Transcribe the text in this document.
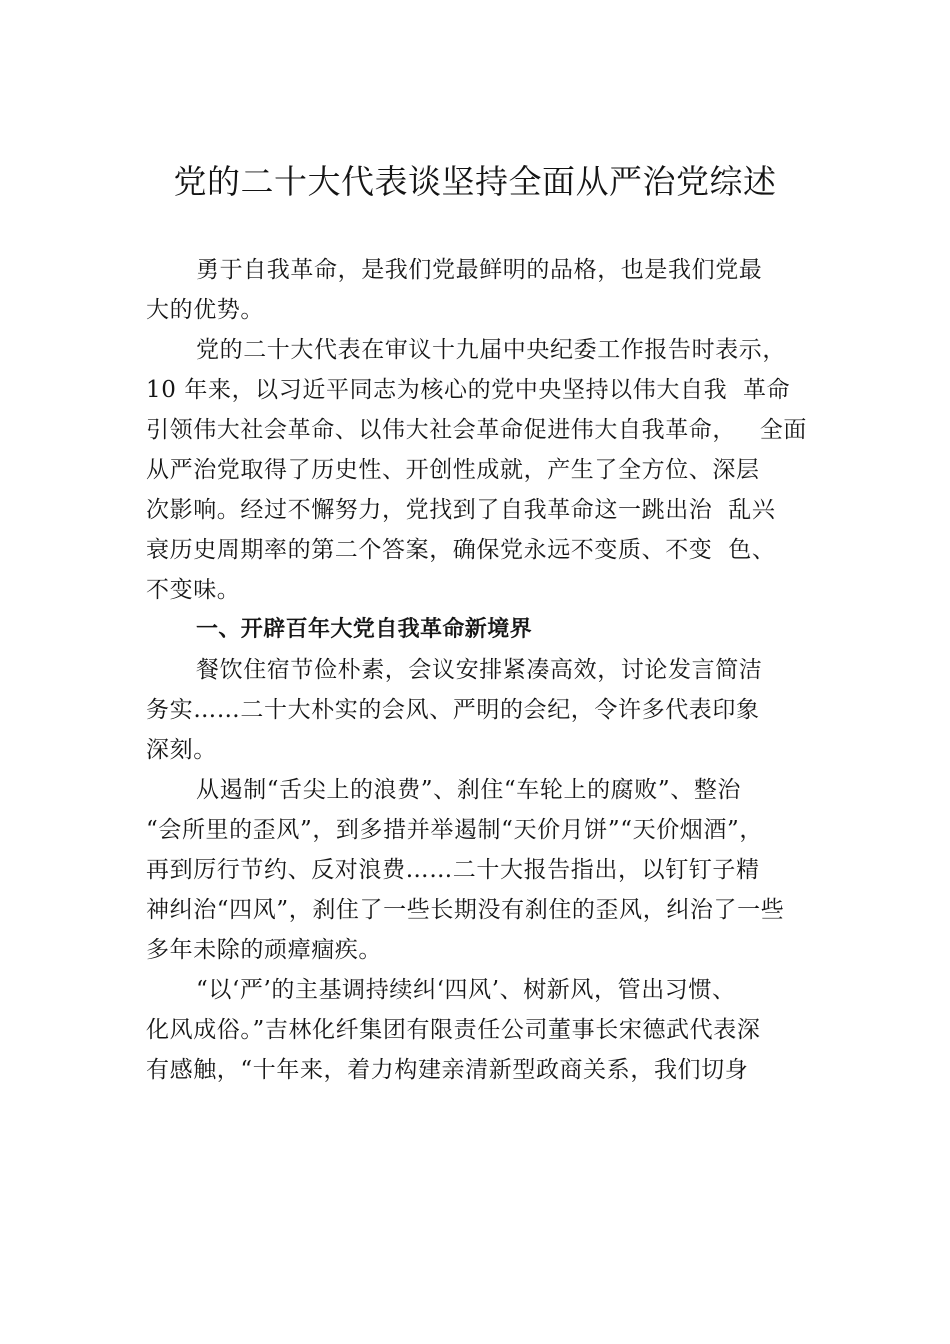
党的二十大代表谈坚持全面从严治党综述
勇于自我革命，是我们党最鲜明的品格，也是我们党最
大的优势。
党的二十大代表在审议十九届中央纪委工作报告时表示，
10 年来，以习近平同志为核心的党中央坚持以伟大自我  革命
引领伟大社会革命、以伟大社会革命促进伟大自我革命，   全面
从严治党取得了历史性、开创性成就，产生了全方位、深层
次影响。经过不懈努力，党找到了自我革命这一跳出治  乱兴
衰历史周期率的第二个答案，确保党永远不变质、不变  色、
不变味。
一、开辟百年大党自我革命新境界
餐饮住宿节俭朴素，会议安排紧凑高效，讨论发言简洁
务实……二十大朴实的会风、严明的会纪，令许多代表印象
深刻。
从遏制“舌尖上的浪费”、刹住“车轮上的腐败”、整治
“会所里的歪风”，到多措并举遏制“天价月饼”“天价烟酒”，
再到厉行节约、反对浪费……二十大报告指出，以钉钉子精
神纠治“四风”，刹住了一些长期没有刹住的歪风，纠治了一些
多年未除的顽瘴痼疾。
“以‘严’的主基调持续纠‘四风’、树新风，管出习惯、
化风成俗。”吉林化纤集团有限责任公司董事长宋德武代表深
有感触，“十年来，着力构建亲清新型政商关系，我们切身
